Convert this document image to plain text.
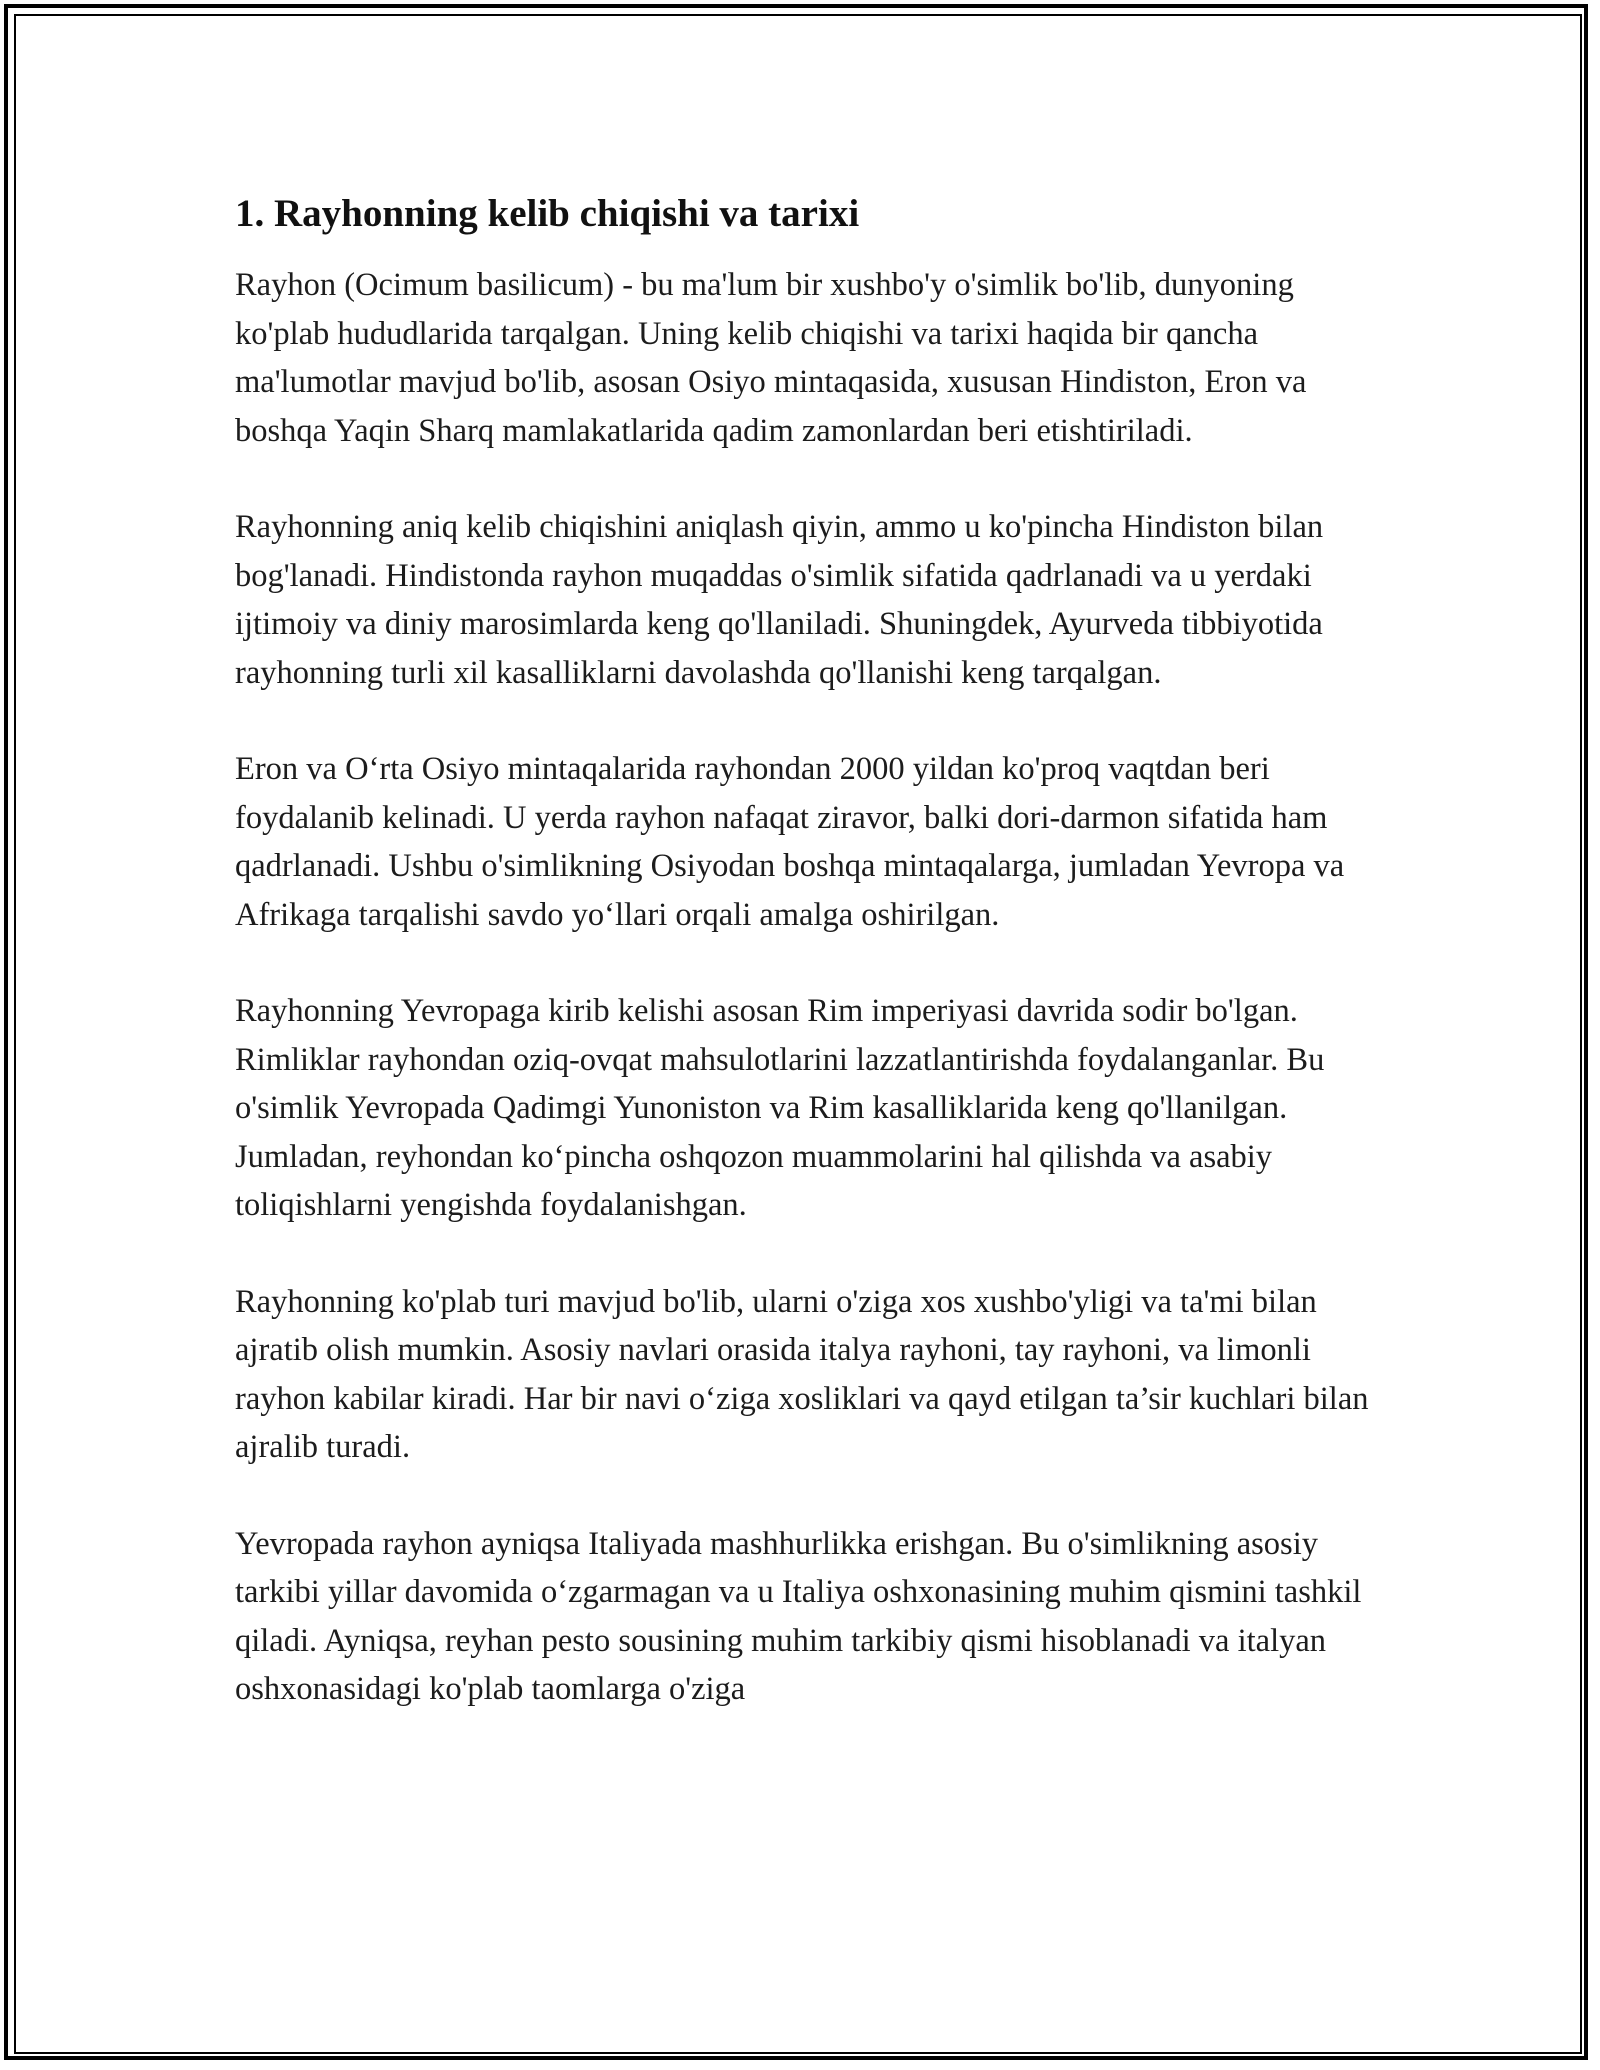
1. Rayhonning kelib chiqishi va tarixi

Rayhon (Ocimum basilicum) - bu ma'lum bir xushbo'y o'simlik bo'lib, dunyoning ko'plab hududlarida tarqalgan. Uning kelib chiqishi va tarixi haqida bir qancha ma'lumotlar mavjud bo'lib, asosan Osiyo mintaqasida, xususan Hindiston, Eron va boshqa Yaqin Sharq mamlakatlarida qadim zamonlardan beri etishtiriladi.

Rayhonning aniq kelib chiqishini aniqlash qiyin, ammo u ko'pincha Hindiston bilan bog'lanadi. Hindistonda rayhon muqaddas o'simlik sifatida qadrlanadi va u yerdaki ijtimoiy va diniy marosimlarda keng qo'llaniladi. Shuningdek, Ayurveda tibbiyotida rayhonning turli xil kasalliklarni davolashda qo'llanishi keng tarqalgan.

Eron va O‘rta Osiyo mintaqalarida rayhondan 2000 yildan ko'proq vaqtdan beri foydalanib kelinadi. U yerda rayhon nafaqat ziravor, balki dori-darmon sifatida ham qadrlanadi. Ushbu o'simlikning Osiyodan boshqa mintaqalarga, jumladan Yevropa va Afrikaga tarqalishi savdo yo‘llari orqali amalga oshirilgan.

Rayhonning Yevropaga kirib kelishi asosan Rim imperiyasi davrida sodir bo'lgan. Rimliklar rayhondan oziq-ovqat mahsulotlarini lazzatlantirishda foydalanganlar. Bu o'simlik Yevropada Qadimgi Yunoniston va Rim kasalliklarida keng qo'llanilgan. Jumladan, reyhondan ko‘pincha oshqozon muammolarini hal qilishda va asabiy toliqishlarni yengishda foydalanishgan.

Rayhonning ko'plab turi mavjud bo'lib, ularni o'ziga xos xushbo'yligi va ta'mi bilan ajratib olish mumkin. Asosiy navlari orasida italya rayhoni, tay rayhoni, va limonli rayhon kabilar kiradi. Har bir navi o‘ziga xosliklari va qayd etilgan ta’sir kuchlari bilan ajralib turadi.

Yevropada rayhon ayniqsa Italiyada mashhurlikka erishgan. Bu o'simlikning asosiy tarkibi yillar davomida o‘zgarmagan va u Italiya oshxonasining muhim qismini tashkil qiladi. Ayniqsa, reyhan pesto sousining muhim tarkibiy qismi hisoblanadi va italyan oshxonasidagi ko'plab taomlarga o'ziga
